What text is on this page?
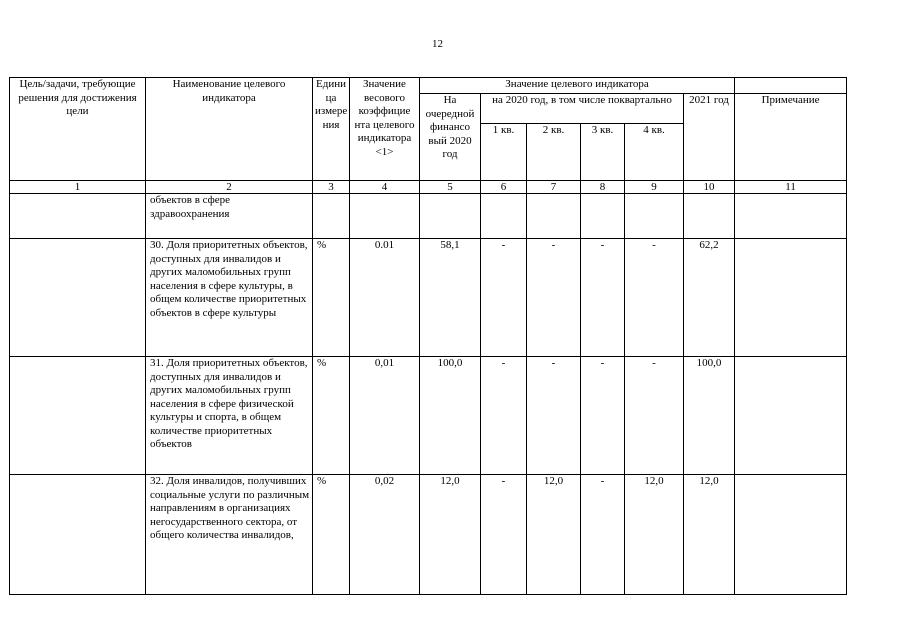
12
Цель/задачи, требующие решения для достижения цели	Наименование целевого индикатора	Едини ца измере ния	Значение весового коэффицие нта целевого индикатора <1>	Значение целевого индикатора						
				На очередной финансо вый 2020 год	на 2020 год, в том числе поквартально				2021 год	Примечание
					1 кв.	2 кв.	3 кв.	4 кв.		
1	2	3	4	5	6	7	8	9	10	11
	объектов в сфере здравоохранения									
	30. Доля приоритетных объектов, доступных для инвалидов и других маломобильных групп населения в сфере культуры, в общем количестве приоритетных объектов в сфере культуры	%	0.01	58,1	-	-	-	-	62,2	
	31. Доля приоритетных объектов, доступных для инвалидов и других маломобильных групп населения в сфере физической культуры и спорта, в общем количестве приоритетных объектов	%	0,01	100,0	-	-	-	-	100,0	
	32. Доля инвалидов, получивших социальные услуги по различным направлениям в организациях негосударственного сектора, от общего количества инвалидов,	%	0,02	12,0	-	12,0	-	12,0	12,0	
